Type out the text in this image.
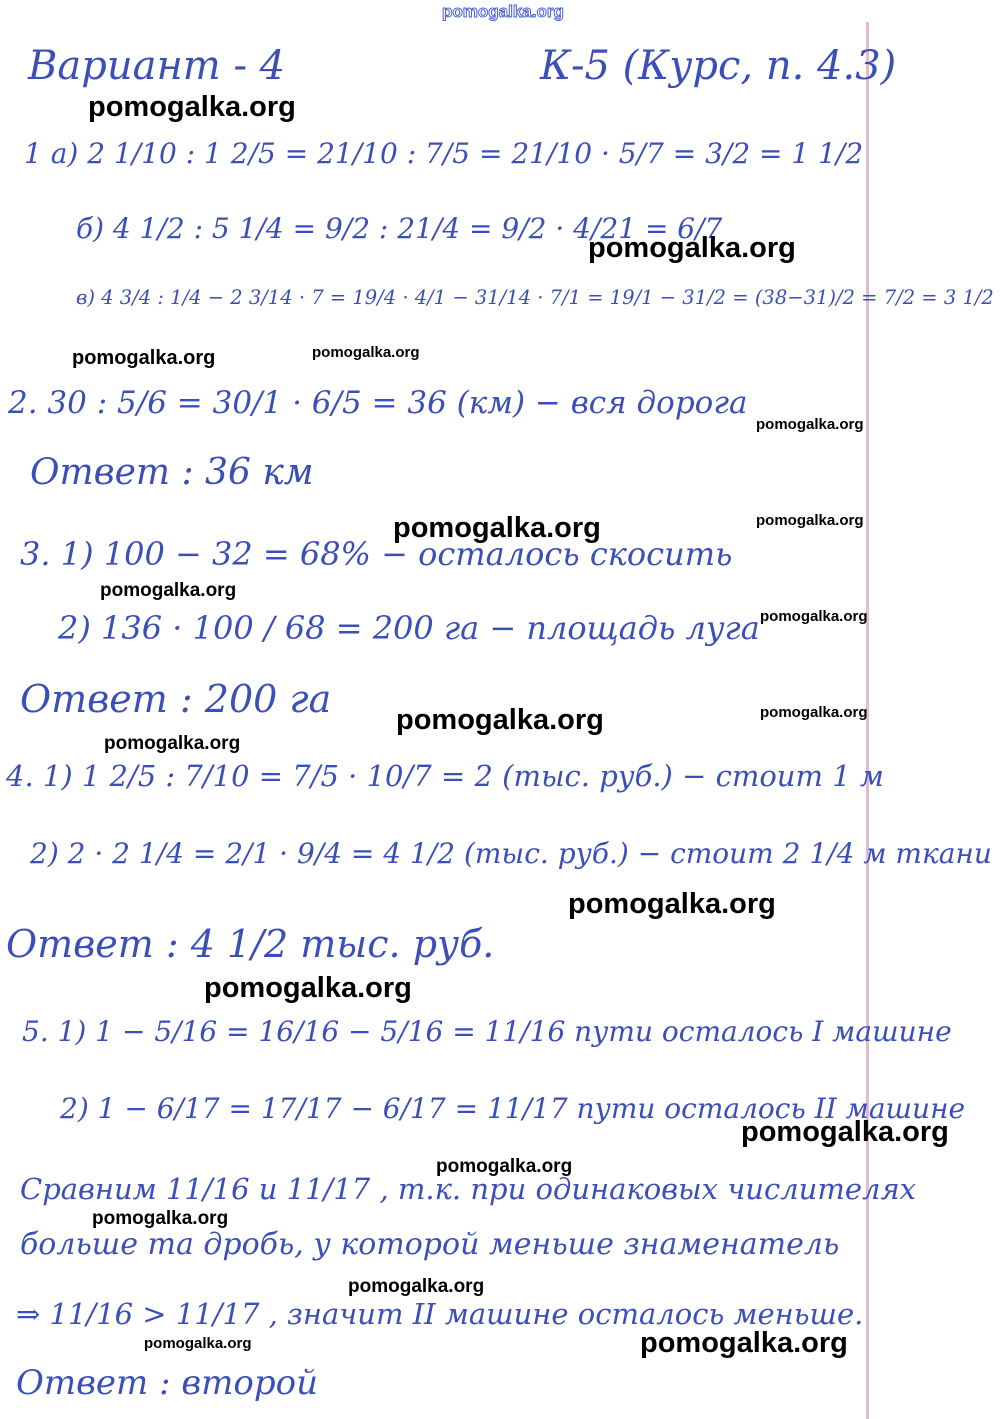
pomogalka.org
Вариант - 4	К-5 (Курс, п. 4.3)
1 а) 2 1/10 : 1 2/5 = 21/10 : 7/5 = 21/10 · 5/7 = 3/2 = 1 1/2
б) 4 1/2 : 5 1/4 = 9/2 : 21/4 = 9/2 · 4/21 = 6/7
в) 4 3/4 : 1/4 − 2 3/14 · 7 = 19/4 · 4/1 − 31/14 · 7/1 = 19/1 − 31/2 = (38−31)/2 = 7/2 = 3 1/2
2. 30 : 5/6 = 30/1 · 6/5 = 36 (км) − вся дорога
Ответ : 36 км
3. 1) 100 − 32 = 68% − осталось скосить
2) 136 · 100 / 68 = 200 га − площадь луга
Ответ : 200 га
4. 1) 1 2/5 : 7/10 = 7/5 · 10/7 = 2 (тыс. руб.) − стоит 1 м
2) 2 · 2 1/4 = 2/1 · 9/4 = 4 1/2 (тыс. руб.) − стоит 2 1/4 м ткани
Ответ : 4 1/2 тыс. руб.
5. 1) 1 − 5/16 = 16/16 − 5/16 = 11/16 пути осталось I машине
2) 1 − 6/17 = 17/17 − 6/17 = 11/17 пути осталось II машине
Сравним 11/16 и 11/17 , т.к. при одинаковых числителях
больше та дробь, у которой меньше знаменатель
⇒ 11/16 > 11/17 , значит II машине осталось меньше.
Ответ : второй
pomogalka.org
pomogalka.org
pomogalka.org	pomogalka.org
pomogalka.org
pomogalka.org	pomogalka.org
pomogalka.org
pomogalka.org
pomogalka.org	pomogalka.org
pomogalka.org
pomogalka.org
pomogalka.org
pomogalka.org
pomogalka.org
pomogalka.org
pomogalka.org
pomogalka.org
pomogalka.org
